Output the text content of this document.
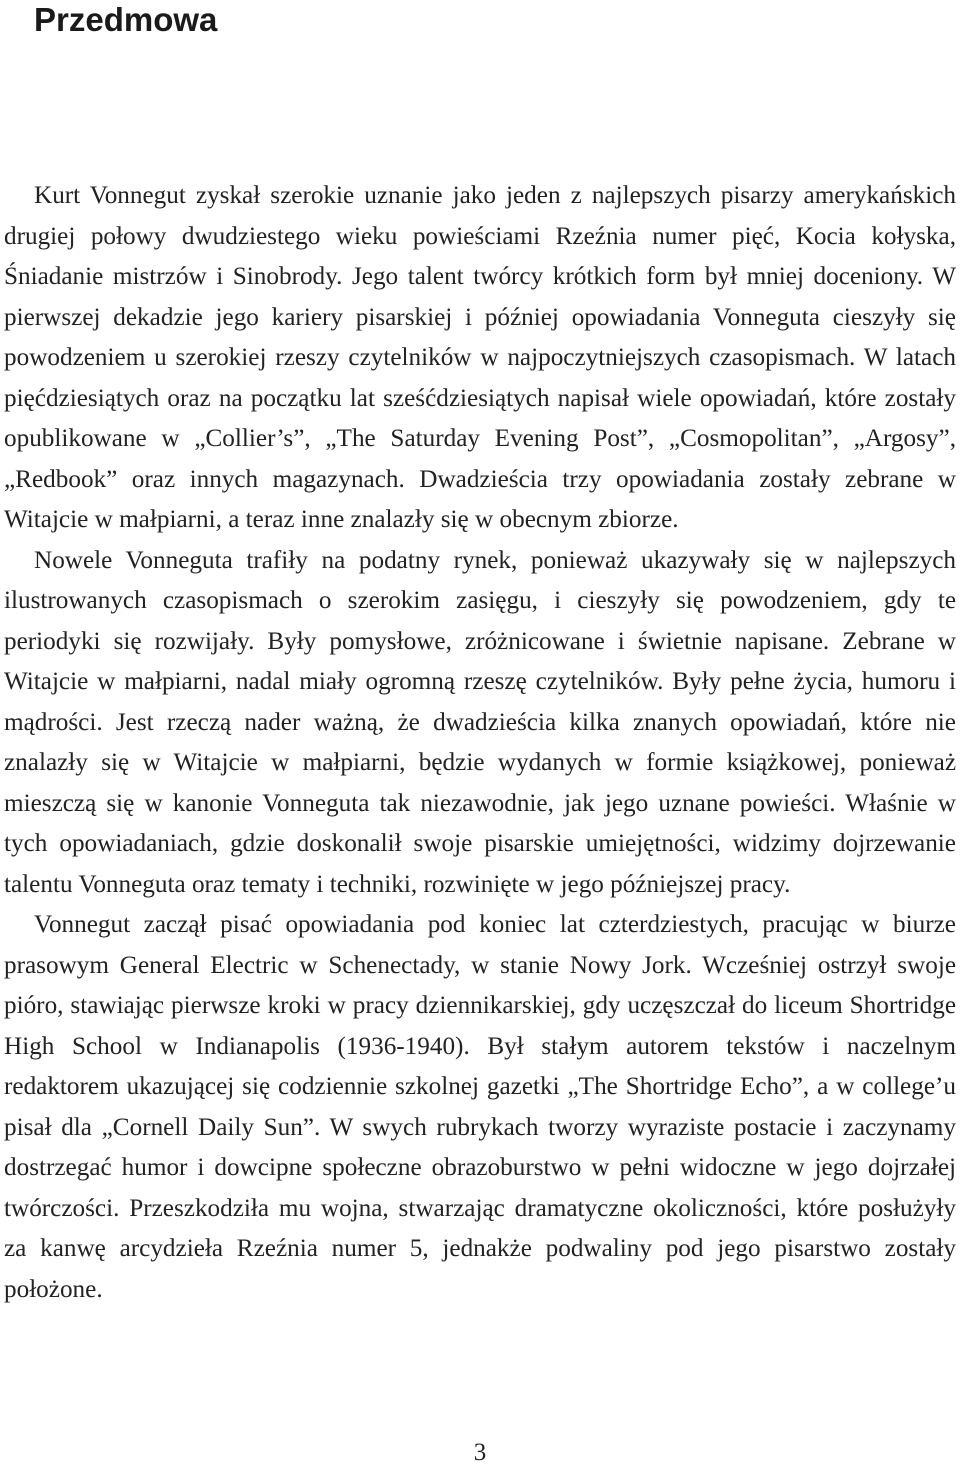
Przedmowa

Kurt Vonnegut zyskał szerokie uznanie jako jeden z najlepszych pisarzy amerykańskich drugiej połowy dwudziestego wieku powieściami Rzeźnia numer pięć, Kocia kołyska, Śniadanie mistrzów i Sinobrody. Jego talent twórcy krótkich form był mniej doceniony. W pierwszej dekadzie jego kariery pisarskiej i później opowiadania Vonneguta cieszyły się powodzeniem u szerokiej rzeszy czytelników w najpoczytniejszych czasopismach. W latach pięćdziesiątych oraz na początku lat sześćdziesiątych napisał wiele opowiadań, które zostały opublikowane w „Collier’s”, „The Saturday Evening Post”, „Cosmopolitan”, „Argosy”, „Redbook” oraz innych magazynach. Dwadzieścia trzy opowiadania zostały zebrane w Witajcie w małpiarni, a teraz inne znalazły się w obecnym zbiorze.

Nowele Vonneguta trafiły na podatny rynek, ponieważ ukazywały się w najlepszych ilustrowanych czasopismach o szerokim zasięgu, i cieszyły się powodzeniem, gdy te periodyki się rozwijały. Były pomysłowe, zróżnicowane i świetnie napisane. Zebrane w Witajcie w małpiarni, nadal miały ogromną rzeszę czytelników. Były pełne życia, humoru i mądrości. Jest rzeczą nader ważną, że dwadzieścia kilka znanych opowiadań, które nie znalazły się w Witajcie w małpiarni, będzie wydanych w formie książkowej, ponieważ mieszczą się w kanonie Vonneguta tak niezawodnie, jak jego uznane powieści. Właśnie w tych opowiadaniach, gdzie doskonalił swoje pisarskie umiejętności, widzimy dojrzewanie talentu Vonneguta oraz tematy i techniki, rozwinięte w jego późniejszej pracy.

Vonnegut zaczął pisać opowiadania pod koniec lat czterdziestych, pracując w biurze prasowym General Electric w Schenectady, w stanie Nowy Jork. Wcześniej ostrzył swoje pióro, stawiając pierwsze kroki w pracy dziennikarskiej, gdy uczęszczał do liceum Shortridge High School w Indianapolis (1936-1940). Był stałym autorem tekstów i naczelnym redaktorem ukazującej się codziennie szkolnej gazetki „The Shortridge Echo”, a w college’u pisał dla „Cornell Daily Sun”. W swych rubrykach tworzy wyraziste postacie i zaczynamy dostrzegać humor i dowcipne społeczne obrazoburstwo w pełni widoczne w jego dojrzałej twórczości. Przeszkodziła mu wojna, stwarzając dramatyczne okoliczności, które posłużyły za kanwę arcydzieła Rzeźnia numer 5, jednakże podwaliny pod jego pisarstwo zostały położone.

3
